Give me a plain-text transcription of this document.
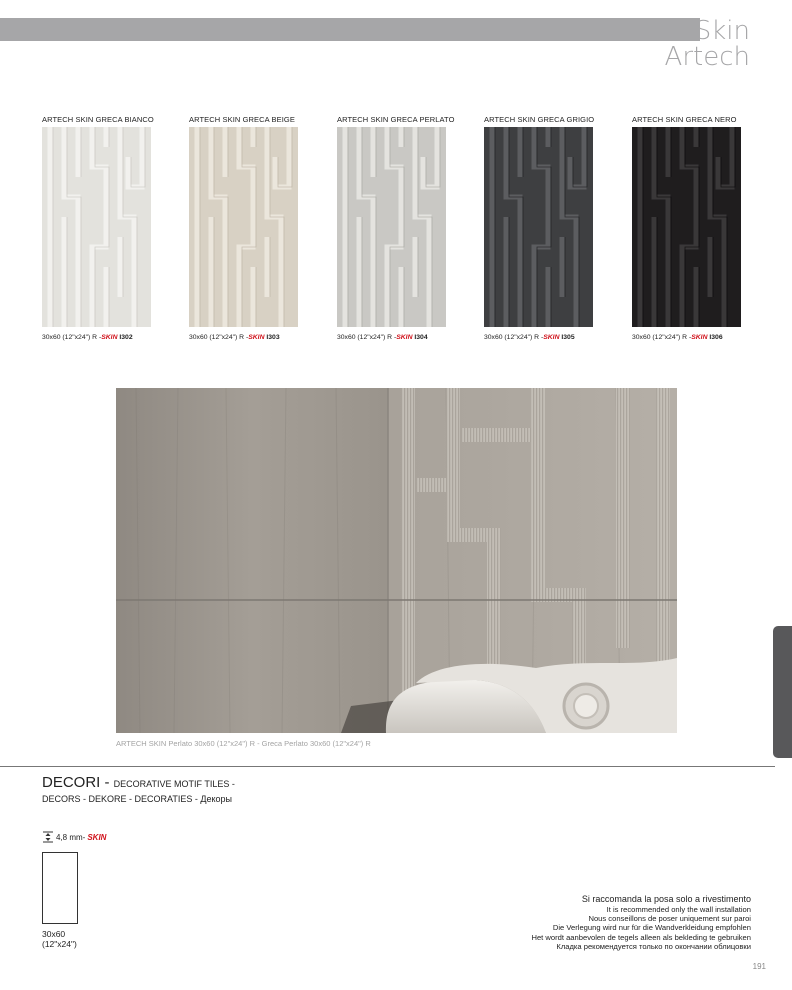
Skin
Artech
ARTECH SKIN GRECA BIANCO
30x60 (12"x24") R -SKIN I302
ARTECH SKIN GRECA BEIGE
30x60 (12"x24") R -SKIN I303
ARTECH SKIN GRECA PERLATO
30x60 (12"x24") R -SKIN I304
ARTECH SKIN GRECA GRIGIO
30x60 (12"x24") R -SKIN I305
ARTECH SKIN GRECA NERO
30x60 (12"x24") R -SKIN I306
ARTECH SKIN Perlato 30x60 (12"x24") R - Greca Perlato 30x60 (12"x24") R
DECORI - DECORATIVE MOTIF TILES -
DECORS - DEKORE - DECORATIES - Декоры
4,8 mm- SKIN
30x60
(12"x24")
Si raccomanda la posa solo a rivestimento
It is recommended only the wall installation
Nous conseillons de poser uniquement sur paroi
Die Verlegung wird nur für die Wandverkleidung empfohlen
Het wordt aanbevolen de tegels alleen als bekleding te gebruiken
Кладка рекомендуется только по окончании облицовки
191
